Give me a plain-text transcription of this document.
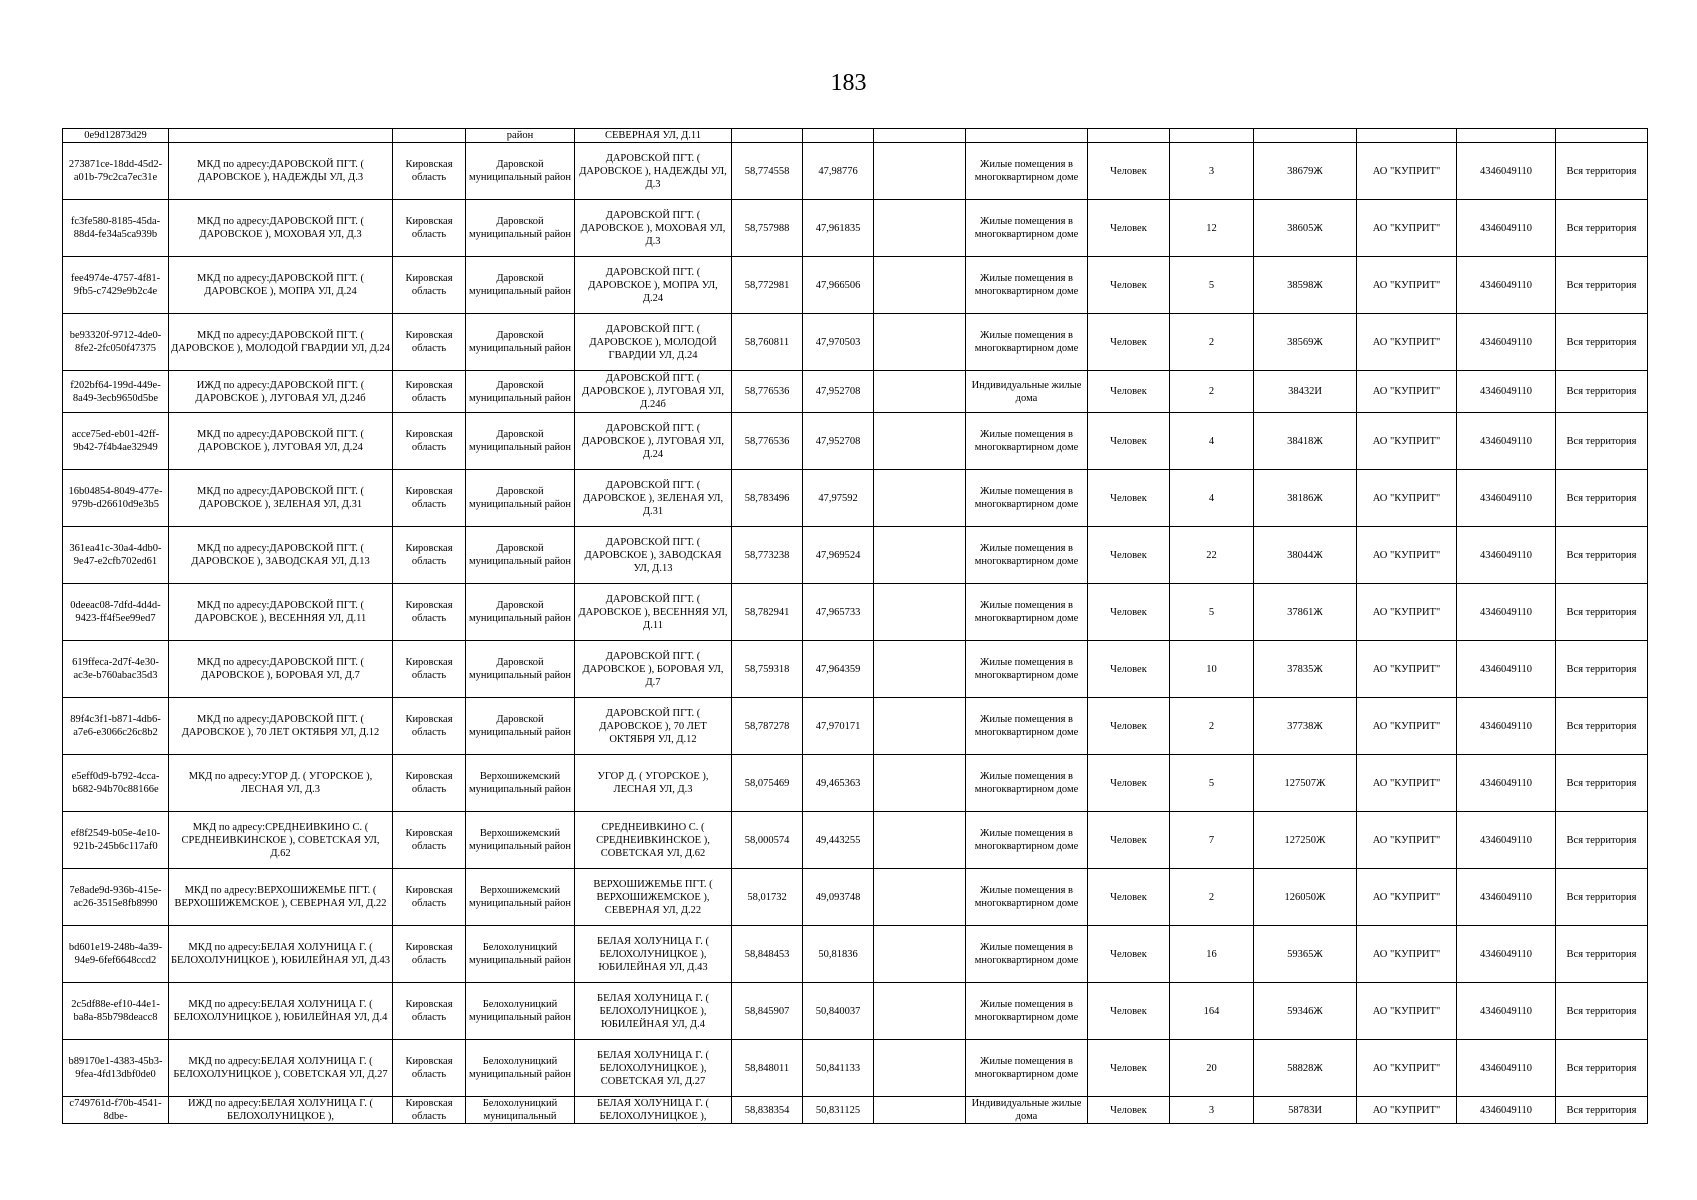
183
0e9d12873d29			район	СЕВЕРНАЯ УЛ, Д.11										
273871ce-18dd-45d2-a01b-79c2ca7ec31e	МКД по адресу:ДАРОВСКОЙ ПГТ. ( ДАРОВСКОЕ ), НАДЕЖДЫ УЛ, Д.3	Кировская область	Даровской муниципальный район	ДАРОВСКОЙ ПГТ. ( ДАРОВСКОЕ ), НАДЕЖДЫ УЛ, Д.3	58,774558	47,98776		Жилые помещения в многоквартирном доме	Человек	3	38679Ж	АО "КУПРИТ"	4346049110	Вся территория
fc3fe580-8185-45da-88d4-fe34a5ca939b	МКД по адресу:ДАРОВСКОЙ ПГТ. ( ДАРОВСКОЕ ), МОХОВАЯ УЛ, Д.3	Кировская область	Даровской муниципальный район	ДАРОВСКОЙ ПГТ. ( ДАРОВСКОЕ ), МОХОВАЯ УЛ, Д.3	58,757988	47,961835		Жилые помещения в многоквартирном доме	Человек	12	38605Ж	АО "КУПРИТ"	4346049110	Вся территория
fee4974e-4757-4f81-9fb5-c7429e9b2c4e	МКД по адресу:ДАРОВСКОЙ ПГТ. ( ДАРОВСКОЕ ), МОПРА УЛ, Д.24	Кировская область	Даровской муниципальный район	ДАРОВСКОЙ ПГТ. ( ДАРОВСКОЕ ), МОПРА УЛ, Д.24	58,772981	47,966506		Жилые помещения в многоквартирном доме	Человек	5	38598Ж	АО "КУПРИТ"	4346049110	Вся территория
be93320f-9712-4de0-8fe2-2fc050f47375	МКД по адресу:ДАРОВСКОЙ ПГТ. ( ДАРОВСКОЕ ), МОЛОДОЙ ГВАРДИИ УЛ, Д.24	Кировская область	Даровской муниципальный район	ДАРОВСКОЙ ПГТ. ( ДАРОВСКОЕ ), МОЛОДОЙ ГВАРДИИ УЛ, Д.24	58,760811	47,970503		Жилые помещения в многоквартирном доме	Человек	2	38569Ж	АО "КУПРИТ"	4346049110	Вся территория
f202bf64-199d-449e-8a49-3ecb9650d5be	ИЖД по адресу:ДАРОВСКОЙ ПГТ. ( ДАРОВСКОЕ ), ЛУГОВАЯ УЛ, Д.24б	Кировская область	Даровской муниципальный район	ДАРОВСКОЙ ПГТ. ( ДАРОВСКОЕ ), ЛУГОВАЯ УЛ, Д.24б	58,776536	47,952708		Индивидуальные жилые дома	Человек	2	38432И	АО "КУПРИТ"	4346049110	Вся территория
acce75ed-eb01-42ff-9b42-7f4b4ae32949	МКД по адресу:ДАРОВСКОЙ ПГТ. ( ДАРОВСКОЕ ), ЛУГОВАЯ УЛ, Д.24	Кировская область	Даровской муниципальный район	ДАРОВСКОЙ ПГТ. ( ДАРОВСКОЕ ), ЛУГОВАЯ УЛ, Д.24	58,776536	47,952708		Жилые помещения в многоквартирном доме	Человек	4	38418Ж	АО "КУПРИТ"	4346049110	Вся территория
16b04854-8049-477e-979b-d26610d9e3b5	МКД по адресу:ДАРОВСКОЙ ПГТ. ( ДАРОВСКОЕ ), ЗЕЛЕНАЯ УЛ, Д.31	Кировская область	Даровской муниципальный район	ДАРОВСКОЙ ПГТ. ( ДАРОВСКОЕ ), ЗЕЛЕНАЯ УЛ, Д.31	58,783496	47,97592		Жилые помещения в многоквартирном доме	Человек	4	38186Ж	АО "КУПРИТ"	4346049110	Вся территория
361ea41c-30a4-4db0-9e47-e2cfb702ed61	МКД по адресу:ДАРОВСКОЙ ПГТ. ( ДАРОВСКОЕ ), ЗАВОДСКАЯ УЛ, Д.13	Кировская область	Даровской муниципальный район	ДАРОВСКОЙ ПГТ. ( ДАРОВСКОЕ ), ЗАВОДСКАЯ УЛ, Д.13	58,773238	47,969524		Жилые помещения в многоквартирном доме	Человек	22	38044Ж	АО "КУПРИТ"	4346049110	Вся территория
0deeac08-7dfd-4d4d-9423-ff4f5ee99ed7	МКД по адресу:ДАРОВСКОЙ ПГТ. ( ДАРОВСКОЕ ), ВЕСЕННЯЯ УЛ, Д.11	Кировская область	Даровской муниципальный район	ДАРОВСКОЙ ПГТ. ( ДАРОВСКОЕ ), ВЕСЕННЯЯ УЛ, Д.11	58,782941	47,965733		Жилые помещения в многоквартирном доме	Человек	5	37861Ж	АО "КУПРИТ"	4346049110	Вся территория
619ffeca-2d7f-4e30-ac3e-b760abac35d3	МКД по адресу:ДАРОВСКОЙ ПГТ. ( ДАРОВСКОЕ ), БОРОВАЯ УЛ, Д.7	Кировская область	Даровской муниципальный район	ДАРОВСКОЙ ПГТ. ( ДАРОВСКОЕ ), БОРОВАЯ УЛ, Д.7	58,759318	47,964359		Жилые помещения в многоквартирном доме	Человек	10	37835Ж	АО "КУПРИТ"	4346049110	Вся территория
89f4c3f1-b871-4db6-a7e6-e3066c26c8b2	МКД по адресу:ДАРОВСКОЙ ПГТ. ( ДАРОВСКОЕ ), 70 ЛЕТ ОКТЯБРЯ УЛ, Д.12	Кировская область	Даровской муниципальный район	ДАРОВСКОЙ ПГТ. ( ДАРОВСКОЕ ), 70 ЛЕТ ОКТЯБРЯ УЛ, Д.12	58,787278	47,970171		Жилые помещения в многоквартирном доме	Человек	2	37738Ж	АО "КУПРИТ"	4346049110	Вся территория
e5eff0d9-b792-4cca-b682-94b70c88166e	МКД по адресу:УГОР Д. ( УГОРСКОЕ ), ЛЕСНАЯ УЛ, Д.3	Кировская область	Верхошижемский муниципальный район	УГОР Д. ( УГОРСКОЕ ), ЛЕСНАЯ УЛ, Д.3	58,075469	49,465363		Жилые помещения в многоквартирном доме	Человек	5	127507Ж	АО "КУПРИТ"	4346049110	Вся территория
ef8f2549-b05e-4e10-921b-245b6c117af0	МКД по адресу:СРЕДНЕИВКИНО С. ( СРЕДНЕИВКИНСКОЕ ), СОВЕТСКАЯ УЛ, Д.62	Кировская область	Верхошижемский муниципальный район	СРЕДНЕИВКИНО С. ( СРЕДНЕИВКИНСКОЕ ), СОВЕТСКАЯ УЛ, Д.62	58,000574	49,443255		Жилые помещения в многоквартирном доме	Человек	7	127250Ж	АО "КУПРИТ"	4346049110	Вся территория
7e8ade9d-936b-415e-ac26-3515e8fb8990	МКД по адресу:ВЕРХОШИЖЕМЬЕ ПГТ. ( ВЕРХОШИЖЕМСКОЕ ), СЕВЕРНАЯ УЛ, Д.22	Кировская область	Верхошижемский муниципальный район	ВЕРХОШИЖЕМЬЕ ПГТ. ( ВЕРХОШИЖЕМСКОЕ ), СЕВЕРНАЯ УЛ, Д.22	58,01732	49,093748		Жилые помещения в многоквартирном доме	Человек	2	126050Ж	АО "КУПРИТ"	4346049110	Вся территория
bd601e19-248b-4a39-94e9-6fef6648ccd2	МКД по адресу:БЕЛАЯ ХОЛУНИЦА Г. ( БЕЛОХОЛУНИЦКОЕ ), ЮБИЛЕЙНАЯ УЛ, Д.43	Кировская область	Белохолуницкий муниципальный район	БЕЛАЯ ХОЛУНИЦА Г. ( БЕЛОХОЛУНИЦКОЕ ), ЮБИЛЕЙНАЯ УЛ, Д.43	58,848453	50,81836		Жилые помещения в многоквартирном доме	Человек	16	59365Ж	АО "КУПРИТ"	4346049110	Вся территория
2c5df88e-ef10-44e1-ba8a-85b798deacc8	МКД по адресу:БЕЛАЯ ХОЛУНИЦА Г. ( БЕЛОХОЛУНИЦКОЕ ), ЮБИЛЕЙНАЯ УЛ, Д.4	Кировская область	Белохолуницкий муниципальный район	БЕЛАЯ ХОЛУНИЦА Г. ( БЕЛОХОЛУНИЦКОЕ ), ЮБИЛЕЙНАЯ УЛ, Д.4	58,845907	50,840037		Жилые помещения в многоквартирном доме	Человек	164	59346Ж	АО "КУПРИТ"	4346049110	Вся территория
b89170e1-4383-45b3-9fea-4fd13dbf0de0	МКД по адресу:БЕЛАЯ ХОЛУНИЦА Г. ( БЕЛОХОЛУНИЦКОЕ ), СОВЕТСКАЯ УЛ, Д.27	Кировская область	Белохолуницкий муниципальный район	БЕЛАЯ ХОЛУНИЦА Г. ( БЕЛОХОЛУНИЦКОЕ ), СОВЕТСКАЯ УЛ, Д.27	58,848011	50,841133		Жилые помещения в многоквартирном доме	Человек	20	58828Ж	АО "КУПРИТ"	4346049110	Вся территория
c749761d-f70b-4541-8dbe-	ИЖД по адресу:БЕЛАЯ ХОЛУНИЦА Г. ( БЕЛОХОЛУНИЦКОЕ ),	Кировская область	Белохолуницкий муниципальный	БЕЛАЯ ХОЛУНИЦА Г. ( БЕЛОХОЛУНИЦКОЕ ),	58,838354	50,831125		Индивидуальные жилые дома	Человек	3	58783И	АО "КУПРИТ"	4346049110	Вся территория
